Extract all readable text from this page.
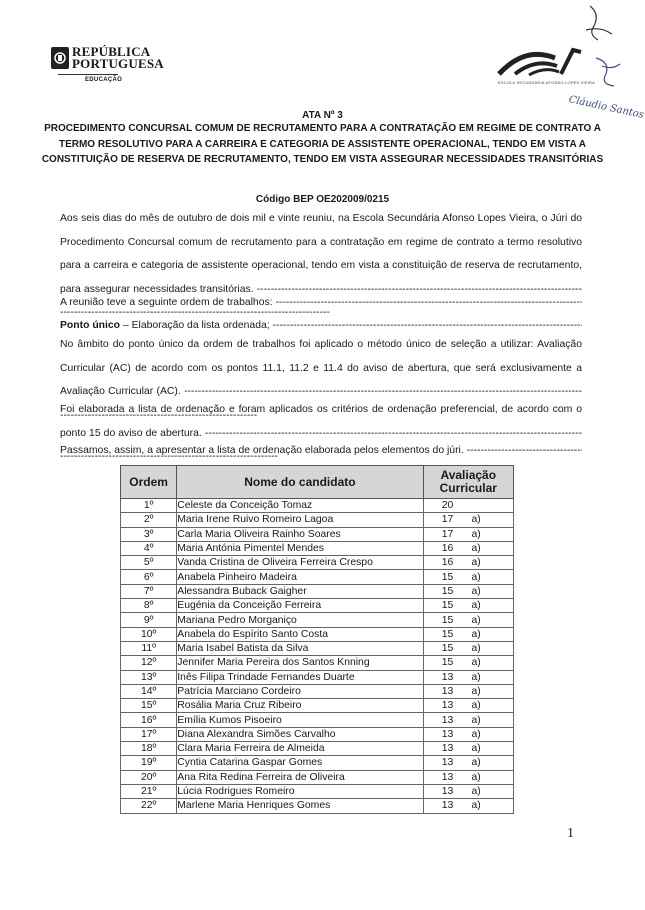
REPÚBLICA
PORTUGUESA
EDUCAÇÃO	ESCOLA SECUNDÁRIA AFONSO LOPES VIEIRA
Cláudio Santos
ATA Nº 3
PROCEDIMENTO CONCURSAL COMUM DE RECRUTAMENTO PARA A CONTRATAÇÃO EM REGIME DE CONTRATO A TERMO RESOLUTIVO PARA A CARREIRA E CATEGORIA DE ASSISTENTE OPERACIONAL, TENDO EM VISTA A CONSTITUIÇÃO DE RESERVA DE RECRUTAMENTO, TENDO EM VISTA ASSEGURAR NECESSIDADES TRANSITÓRIAS
Código BEP OE202009/0215

Aos seis dias do mês de outubro de dois mil e vinte reuniu, na Escola Secundária Afonso Lopes Vieira, o Júri do Procedimento Concursal comum de recrutamento para a contratação em regime de contrato a termo resolutivo para a carreira e categoria de assistente operacional, tendo em vista a constituição de reserva de recrutamento, para assegurar necessidades transitórias. -----

A reunião teve a seguinte ordem de trabalhos: -----
Ponto único – Elaboração da lista ordenada; -----

No âmbito do ponto único da ordem de trabalhos foi aplicado o método único de seleção a utilizar: Avaliação Curricular (AC) de acordo com os pontos 11.1, 11.2 e 11.4 do aviso de abertura, que será exclusivamente a Avaliação Curricular (AC). -----

Foi elaborada a lista de ordenação e foram aplicados os critérios de ordenação preferencial, de acordo com o ponto 15 do aviso de abertura. -----

Passamos, assim, a apresentar a lista de ordenação elaborada pelos elementos do júri. -----
Ordem	Nome do candidato	Avaliação Curricular
1º	Celeste da Conceição Tomaz	20
2º	Maria Irene Ruivo Romeiro Lagoa	17 a)
3º	Carla Maria Oliveira Rainho Soares	17 a)
4º	Maria Antónia Pimentel Mendes	16 a)
5º	Vanda Cristina de Oliveira Ferreira Crespo	16 a)
6º	Anabela Pinheiro Madeira	15 a)
7º	Alessandra Buback Gaigher	15 a)
8º	Eugénia da Conceição Ferreira	15 a)
9º	Mariana Pedro Morganiço	15 a)
10º	Anabela do Espírito Santo Costa	15 a)
11º	Maria Isabel Batista da Silva	15 a)
12º	Jennifer Maria Pereira dos Santos Knning	15 a)
13º	Inês Filipa Trindade Fernandes Duarte	13 a)
14º	Patrícia Marciano Cordeiro	13 a)
15º	Rosália Maria Cruz Ribeiro	13 a)
16º	Emília Kumos Pisoeiro	13 a)
17º	Diana Alexandra Simões Carvalho	13 a)
18º	Clara Maria Ferreira de Almeida	13 a)
19º	Cyntia Catarina Gaspar Gomes	13 a)
20º	Ana Rita Redina Ferreira de Oliveira	13 a)
21º	Lúcia Rodrigues Romeiro	13 a)
22º	Marlene Maria Henriques Gomes	13 a)
1
